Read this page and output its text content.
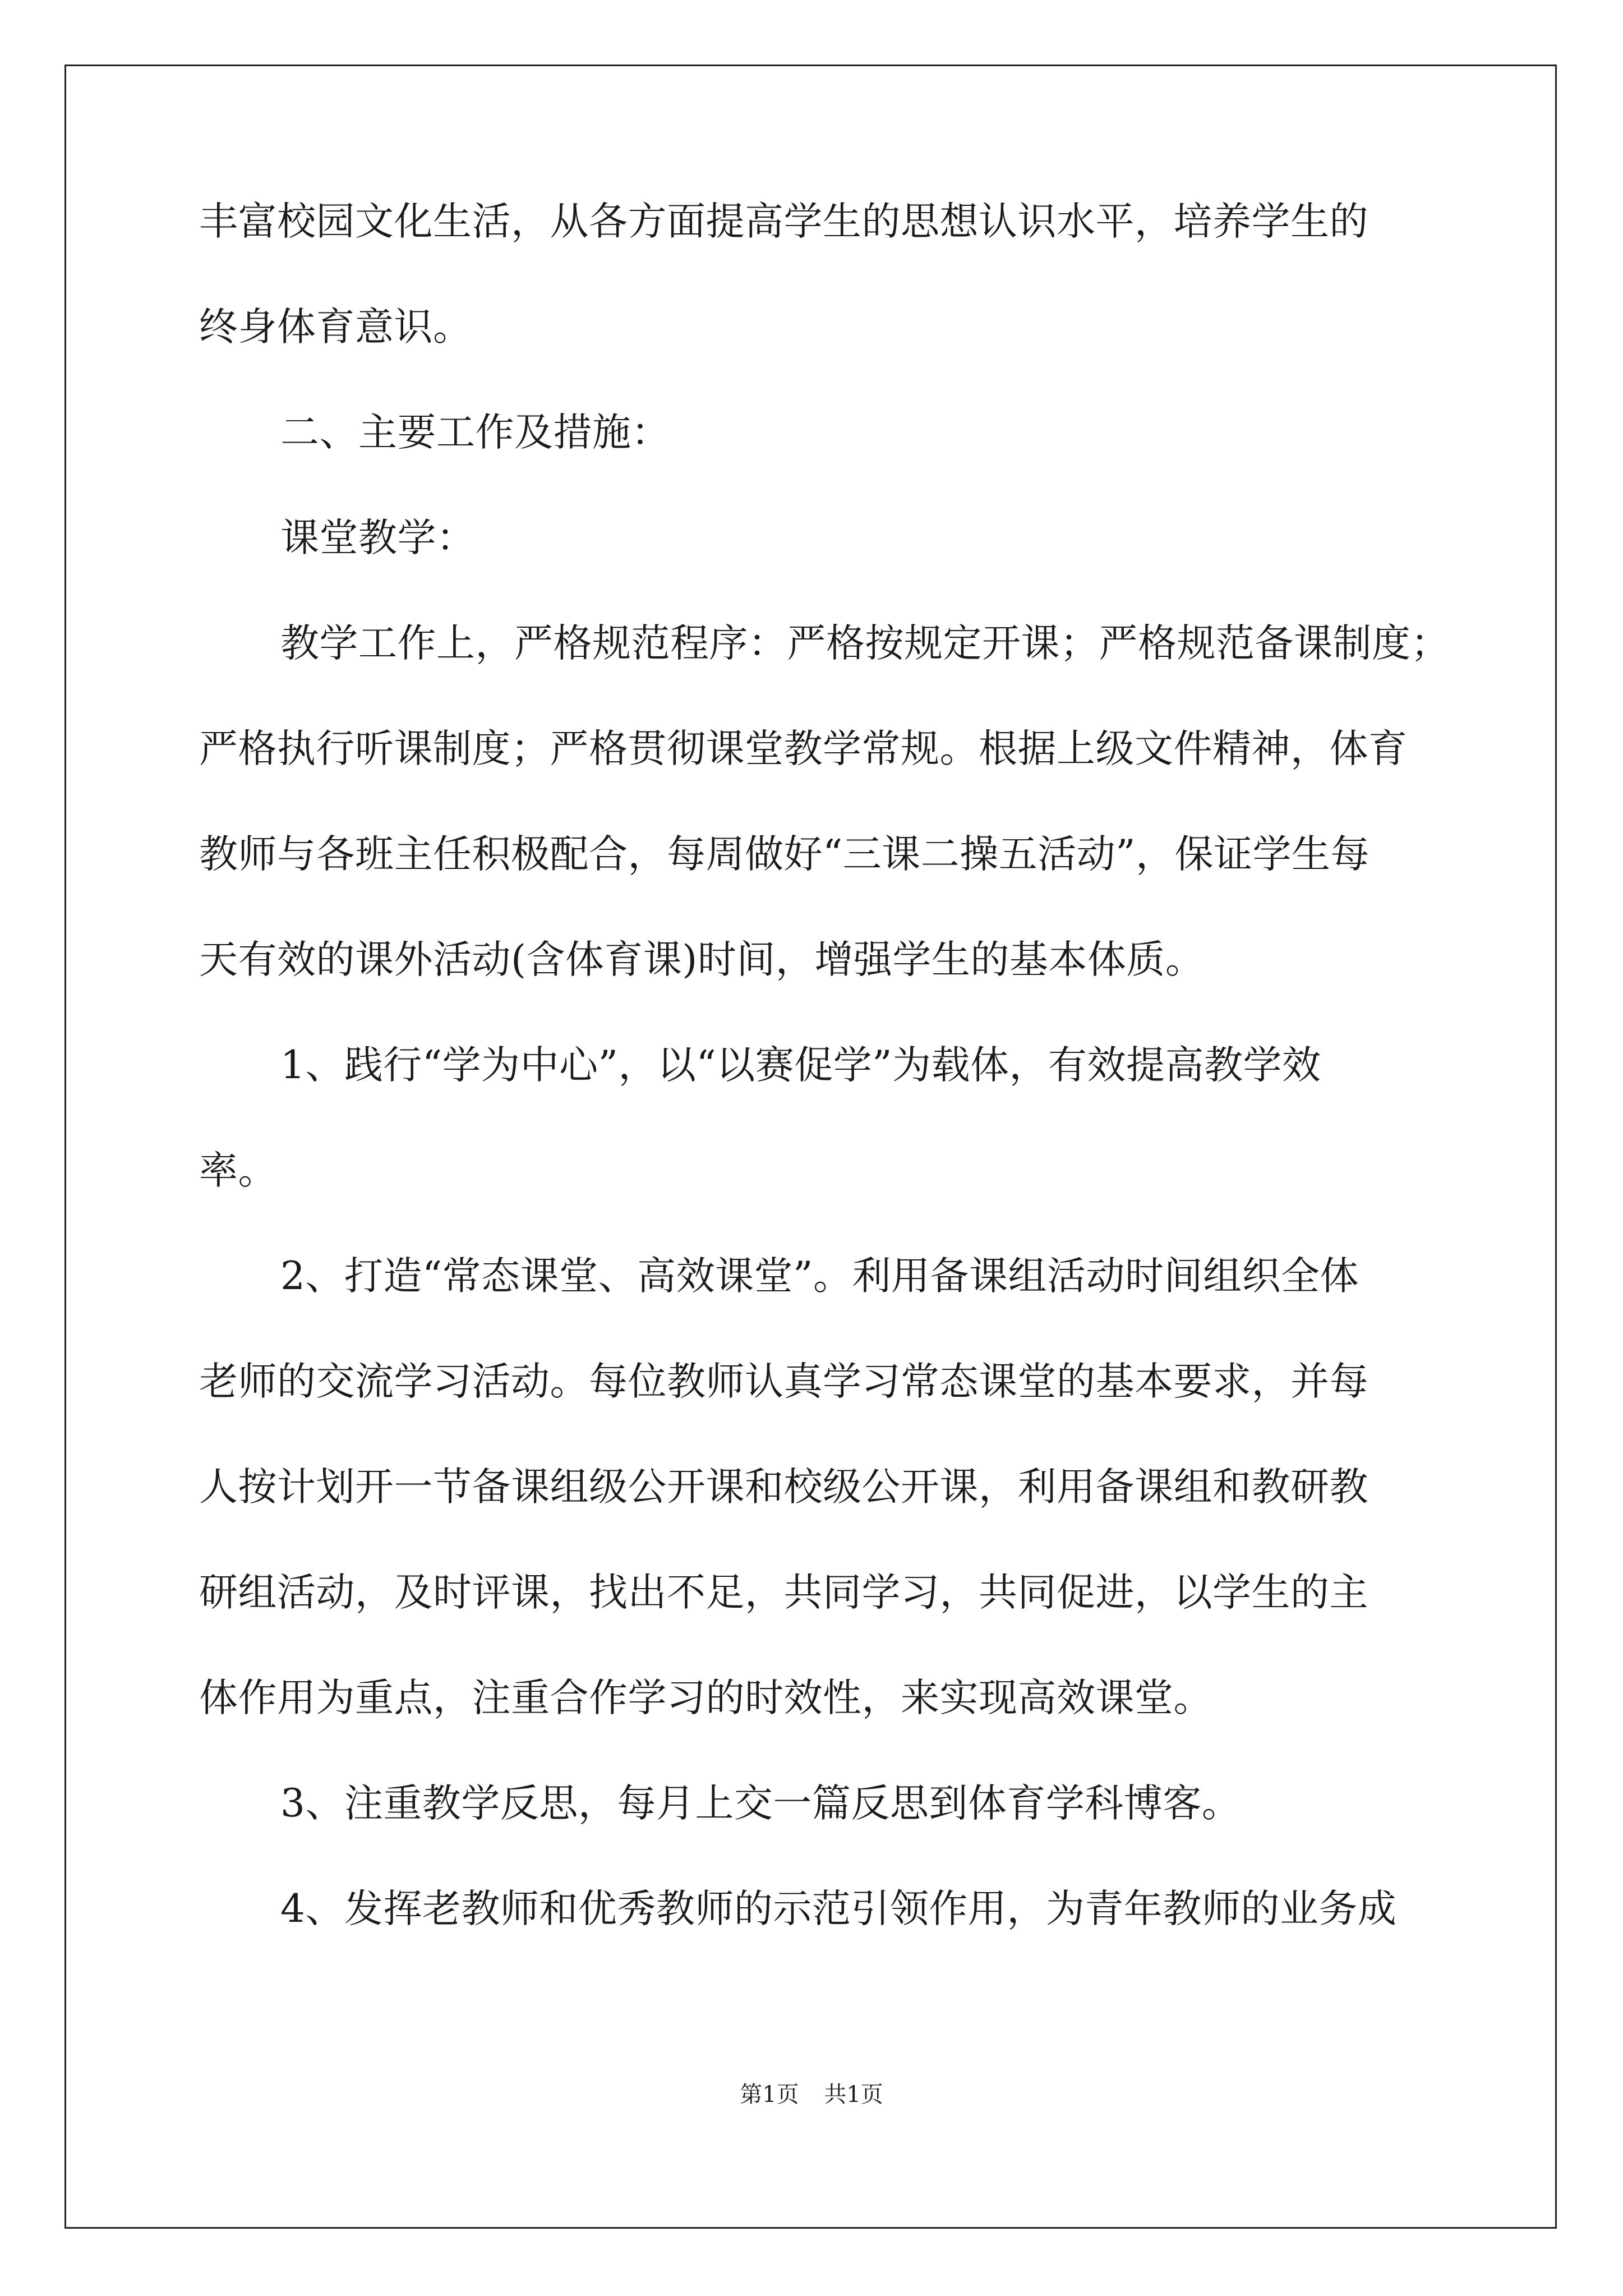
丰富校园文化生活，从各方面提高学生的思想认识水平，培养学生的
终身体育意识。
二、主要工作及措施：
课堂教学：
教学工作上，严格规范程序：严格按规定开课；严格规范备课制度；
严格执行听课制度；严格贯彻课堂教学常规。根据上级文件精神，体育
教师与各班主任积极配合，每周做好“三课二操五活动”，保证学生每
天有效的课外活动(含体育课)时间，增强学生的基本体质。
1、践行“学为中心”，以“以赛促学”为载体，有效提高教学效
率。
2、打造“常态课堂、高效课堂”。利用备课组活动时间组织全体
老师的交流学习活动。每位教师认真学习常态课堂的基本要求，并每
人按计划开一节备课组级公开课和校级公开课，利用备课组和教研教
研组活动，及时评课，找出不足，共同学习，共同促进，以学生的主
体作用为重点，注重合作学习的时效性，来实现高效课堂。
3、注重教学反思，每月上交一篇反思到体育学科博客。
4、发挥老教师和优秀教师的示范引领作用，为青年教师的业务成
第1页 共1页
